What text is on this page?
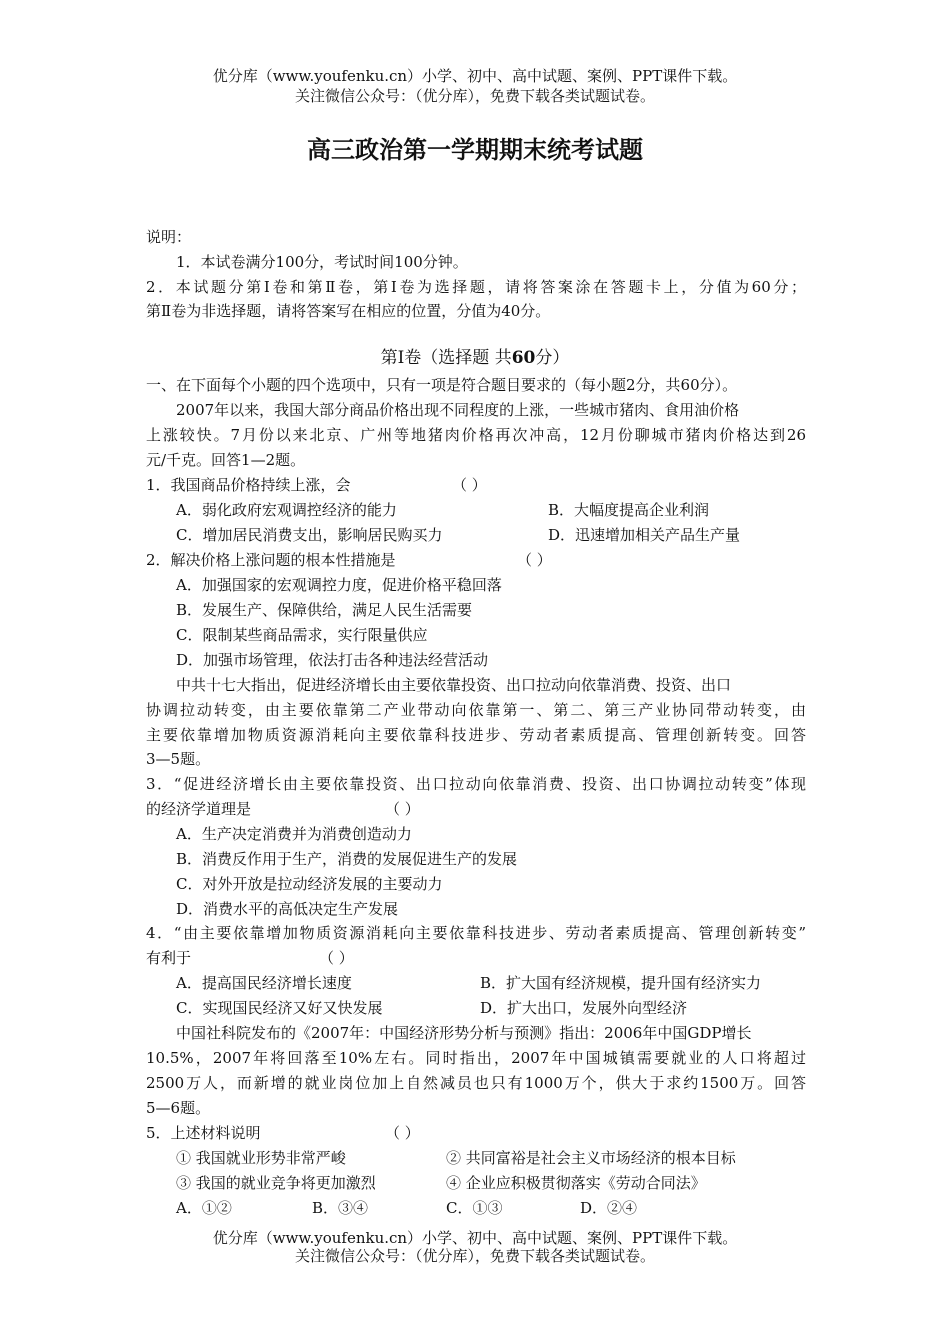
优分库（www.youfenku.cn）小学、初中、高中试题、案例、PPT课件下载。
关注微信公众号：（优分库），免费下载各类试题试卷。
高三政治第一学期期末统考试题
说明：
1．本试卷满分100分，考试时间100分钟。
2．本试题分第Ⅰ卷和第Ⅱ卷，第Ⅰ卷为选择题，请将答案涂在答题卡上，分值为60分；
第Ⅱ卷为非选择题，请将答案写在相应的位置，分值为40分。
第Ⅰ卷（选择题 共60分）
一、在下面每个小题的四个选项中，只有一项是符合题目要求的（每小题2分，共60分）。
2007年以来，我国大部分商品价格出现不同程度的上涨，一些城市猪肉、食用油价格
上涨较快。7月份以来北京、广州等地猪肉价格再次冲高，12月份聊城市猪肉价格达到26
元/千克。回答1—2题。
1．我国商品价格持续上涨，会	（ ）
A．弱化政府宏观调控经济的能力	B．大幅度提高企业利润
C．增加居民消费支出，影响居民购买力	D．迅速增加相关产品生产量
2．解决价格上涨问题的根本性措施是	（ ）
A．加强国家的宏观调控力度，促进价格平稳回落
B．发展生产、保障供给，满足人民生活需要
C．限制某些商品需求，实行限量供应
D．加强市场管理，依法打击各种违法经营活动
中共十七大指出，促进经济增长由主要依靠投资、出口拉动向依靠消费、投资、出口
协调拉动转变，由主要依靠第二产业带动向依靠第一、第二、第三产业协同带动转变，由
主要依靠增加物质资源消耗向主要依靠科技进步、劳动者素质提高、管理创新转变。回答
3—5题。
3．“促进经济增长由主要依靠投资、出口拉动向依靠消费、投资、出口协调拉动转变”体现
的经济学道理是	（ ）
A．生产决定消费并为消费创造动力
B．消费反作用于生产，消费的发展促进生产的发展
C．对外开放是拉动经济发展的主要动力
D．消费水平的高低决定生产发展
4．“由主要依靠增加物质资源消耗向主要依靠科技进步、劳动者素质提高、管理创新转变”
有利于	（ ）
A．提高国民经济增长速度	B．扩大国有经济规模，提升国有经济实力
C．实现国民经济又好又快发展	D．扩大出口，发展外向型经济
中国社科院发布的《2007年：中国经济形势分析与预测》指出：2006年中国GDP增长
10.5%，2007年将回落至10%左右。同时指出，2007年中国城镇需要就业的人口将超过
2500万人，而新增的就业岗位加上自然减员也只有1000万个，供大于求约1500万。回答
5—6题。
5．上述材料说明	（ ）
① 我国就业形势非常严峻	② 共同富裕是社会主义市场经济的根本目标
③ 我国的就业竞争将更加激烈	④ 企业应积极贯彻落实《劳动合同法》
A．①②	B．③④	C．①③	D．②④
优分库（www.youfenku.cn）小学、初中、高中试题、案例、PPT课件下载。
关注微信公众号：（优分库），免费下载各类试题试卷。
